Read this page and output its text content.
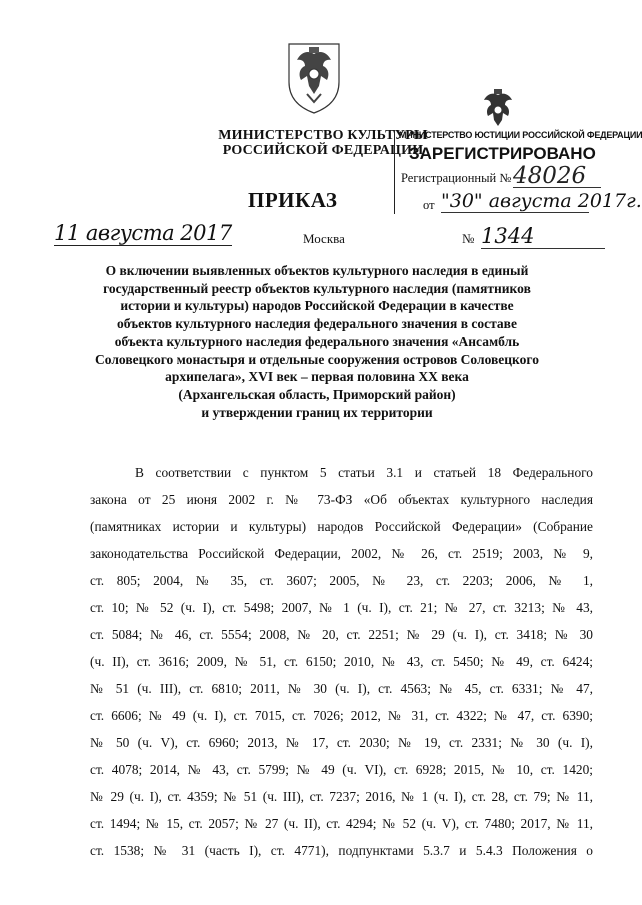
МИНИСТЕРСТВО КУЛЬТУРЫ
РОССИЙСКОЙ ФЕДЕРАЦИИ
МИНИСТЕРСТВО ЮСТИЦИИ РОССИЙСКОЙ ФЕДЕРАЦИИ
ЗАРЕГИСТРИРОВАНО
Регистрационный № 48026
от "30" августа 2017г.
ПРИКАЗ
11 августа 2017	Москва	№ 1344
О включении выявленных объектов культурного наследия в единый
государственный реестр объектов культурного наследия (памятников
истории и культуры) народов Российской Федерации в качестве
объектов культурного наследия федерального значения в составе
объекта культурного наследия федерального значения «Ансамбль
Соловецкого монастыря и отдельные сооружения островов Соловецкого
архипелага», XVI век – первая половина XX века
(Архангельская область, Приморский район)
и утверждении границ их территории
В соответствии с пунктом 5 статьи 3.1 и статьей 18 Федерального
закона от 25 июня 2002 г. № 73-ФЗ «Об объектах культурного наследия
(памятниках истории и культуры) народов Российской Федерации» (Собрание
законодательства Российской Федерации, 2002, № 26, ст. 2519; 2003, № 9,
ст. 805; 2004, № 35, ст. 3607; 2005, № 23, ст. 2203; 2006, № 1,
ст. 10; № 52 (ч. I), ст. 5498; 2007, № 1 (ч. I), ст. 21; № 27, ст. 3213; № 43,
ст. 5084; № 46, ст. 5554; 2008, № 20, ст. 2251; № 29 (ч. I), ст. 3418; № 30
(ч. II), ст. 3616; 2009, № 51, ст. 6150; 2010, № 43, ст. 5450; № 49, ст. 6424;
№ 51 (ч. III), ст. 6810; 2011, № 30 (ч. I), ст. 4563; № 45, ст. 6331; № 47,
ст. 6606; № 49 (ч. I), ст. 7015, ст. 7026; 2012, № 31, ст. 4322; № 47, ст. 6390;
№ 50 (ч. V), ст. 6960; 2013, № 17, ст. 2030; № 19, ст. 2331; № 30 (ч. I),
ст. 4078; 2014, № 43, ст. 5799; № 49 (ч. VI), ст. 6928; 2015, № 10, ст. 1420;
№ 29 (ч. I), ст. 4359; № 51 (ч. III), ст. 7237; 2016, № 1 (ч. I), ст. 28, ст. 79; № 11,
ст. 1494; № 15, ст. 2057; № 27 (ч. II), ст. 4294; № 52 (ч. V), ст. 7480; 2017, № 11,
ст. 1538; № 31 (часть I), ст. 4771), подпунктами 5.3.7 и 5.4.3 Положения о
